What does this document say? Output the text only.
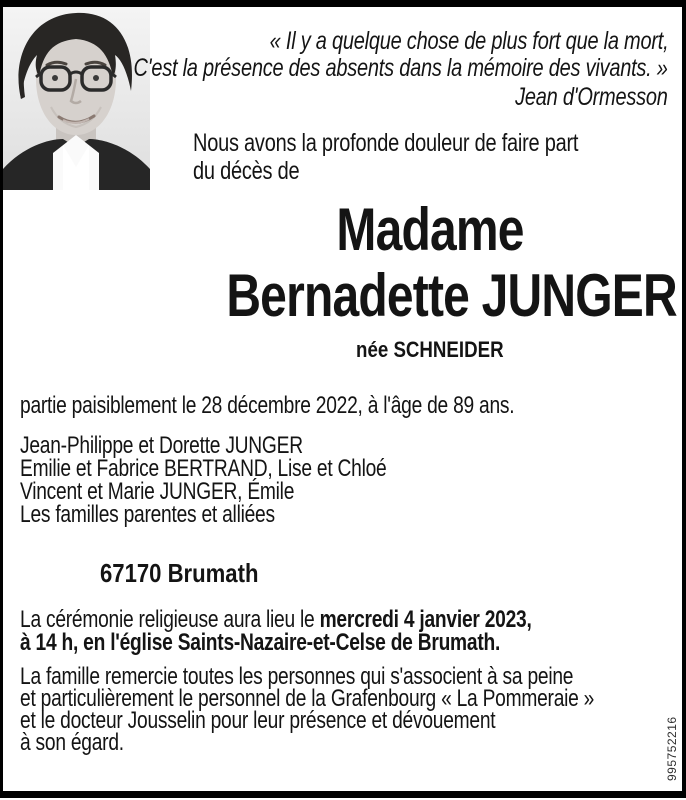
« Il y a quelque chose de plus fort que la mort,
C'est la présence des absents dans la mémoire des vivants. »
Jean d'Ormesson
Nous avons la profonde douleur de faire part
du décès de
Madame
Bernadette JUNGER
née SCHNEIDER
partie paisiblement le 28 décembre 2022, à l'âge de 89 ans.
Jean-Philippe et Dorette JUNGER
Emilie et Fabrice BERTRAND, Lise et Chloé
Vincent et Marie JUNGER, Émile
Les familles parentes et alliées
67170 Brumath
La cérémonie religieuse aura lieu le mercredi 4 janvier 2023,
à 14 h, en l'église Saints-Nazaire-et-Celse de Brumath.
La famille remercie toutes les personnes qui s'associent à sa peine
et particulièrement le personnel de la Grafenbourg « La Pommeraie »
et le docteur Jousselin pour leur présence et dévouement
à son égard.	995752216
